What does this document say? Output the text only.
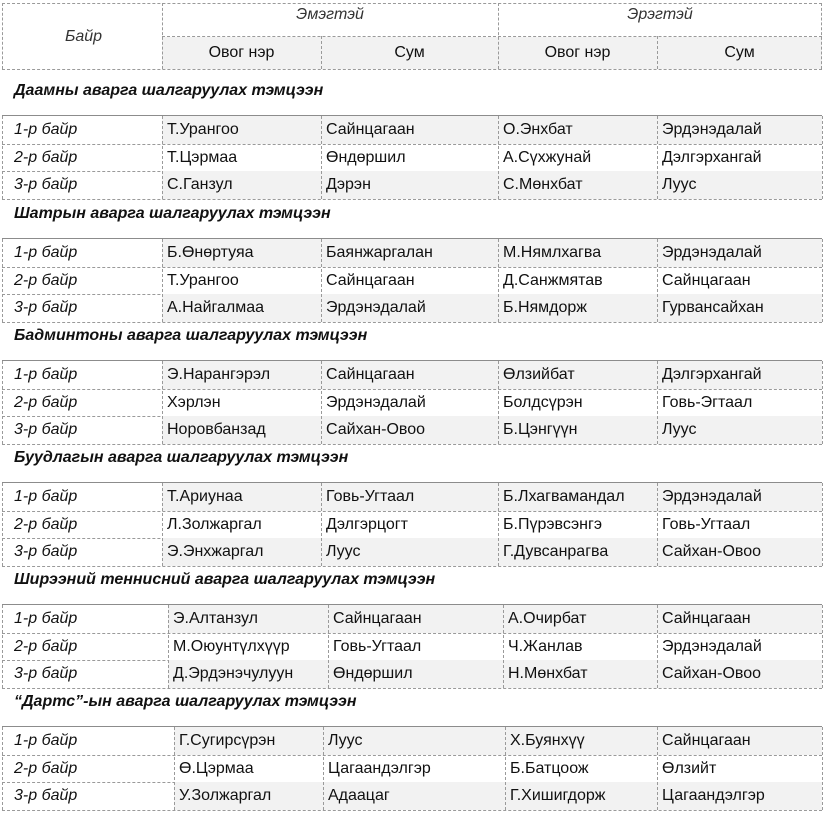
Байр
Эмэгтэй	Эрэгтэй
Овог нэр	Сум	Овог нэр	Сум
Даамны аварга шалгаруулах тэмцээн
1-р байр	Т.Урангоо	Сайнцагаан	О.Энхбат	Эрдэнэдалай
2-р байр	Т.Цэрмаа	Өндөршил	А.Сүхжунай	Дэлгэрхангай
3-р байр	С.Ганзул	Дэрэн	С.Мөнхбат	Луус
Шатрын аварга шалгаруулах тэмцээн
1-р байр	Б.Өнөртуяа	Баянжаргалан	М.Нямлхагва	Эрдэнэдалай
2-р байр	Т.Урангоо	Сайнцагаан	Д.Санжмятав	Сайнцагаан
3-р байр	А.Найгалмаа	Эрдэнэдалай	Б.Нямдорж	Гурвансайхан
Бадминтоны аварга шалгаруулах тэмцээн
1-р байр	Э.Нарангэрэл	Сайнцагаан	Өлзийбат	Дэлгэрхангай
2-р байр	Хэрлэн	Эрдэнэдалай	Болдсүрэн	Говь-Эгтаал
3-р байр	Норовбанзад	Сайхан-Овоо	Б.Цэнгүүн	Луус
Буудлагын аварга шалгаруулах тэмцээн
1-р байр	Т.Ариунаа	Говь-Угтаал	Б.Лхагвамандал	Эрдэнэдалай
2-р байр	Л.Золжаргал	Дэлгэрцогт	Б.Пүрэвсэнгэ	Говь-Угтаал
3-р байр	Э.Энхжаргал	Луус	Г.Дувсанрагва	Сайхан-Овоо
Ширээний теннисний аварга шалгаруулах тэмцээн
1-р байр	Э.Алтанзул	Сайнцагаан	А.Очирбат	Сайнцагаан
2-р байр	М.Оюунтүлхүүр	Говь-Угтаал	Ч.Жанлав	Эрдэнэдалай
3-р байр	Д.Эрдэнэчулуун	Өндөршил	Н.Мөнхбат	Сайхан-Овоо
“Дартс”-ын аварга шалгаруулах тэмцээн
1-р байр	Г.Сугирсүрэн	Луус	Х.Буянхүү	Сайнцагаан
2-р байр	Ө.Цэрмаа	Цагаандэлгэр	Б.Батцоож	Өлзийт
3-р байр	У.Золжаргал	Адаацаг	Г.Хишигдорж	Цагаандэлгэр
